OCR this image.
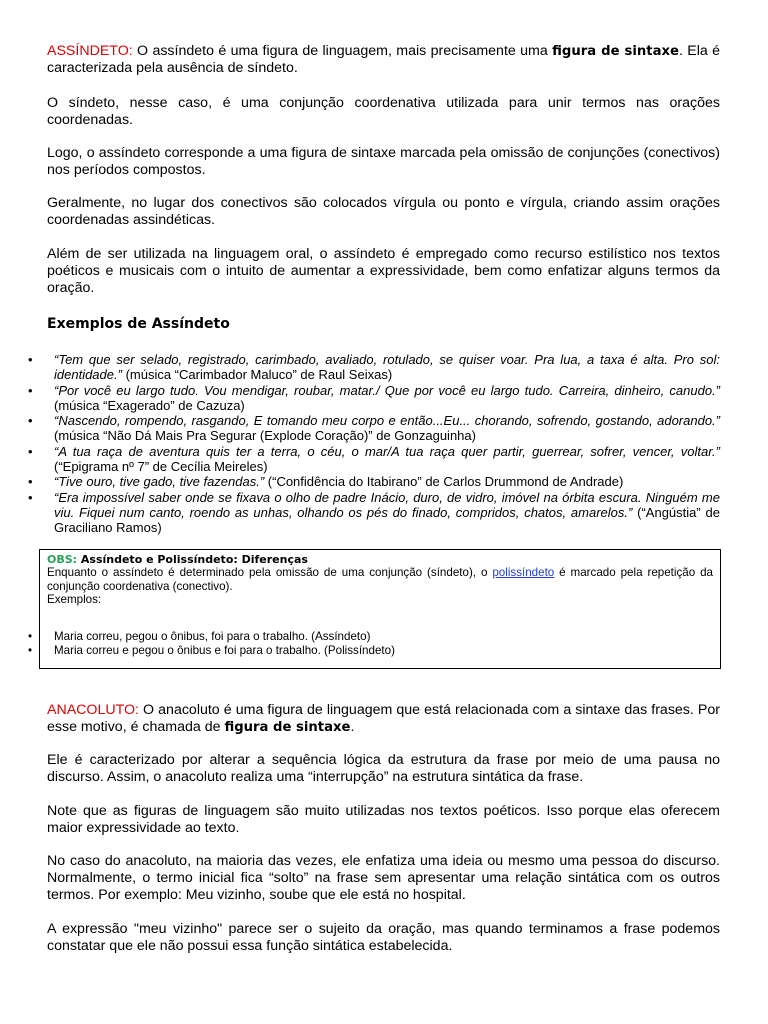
ASSÍNDETO: O assíndeto é uma figura de linguagem, mais precisamente uma figura de sintaxe. Ela é caracterizada pela ausência de síndeto.

O síndeto, nesse caso, é uma conjunção coordenativa utilizada para unir termos nas orações coordenadas.

Logo, o assíndeto corresponde a uma figura de sintaxe marcada pela omissão de conjunções (conectivos) nos períodos compostos.

Geralmente, no lugar dos conectivos são colocados vírgula ou ponto e vírgula, criando assim orações coordenadas assindéticas.

Além de ser utilizada na linguagem oral, o assíndeto é empregado como recurso estilístico nos textos poéticos e musicais com o intuito de aumentar a expressividade, bem como enfatizar alguns termos da oração.

Exemplos de Assíndeto
• “Tem que ser selado, registrado, carimbado, avaliado, rotulado, se quiser voar. Pra lua, a taxa é alta. Pro sol: identidade.” (música “Carimbador Maluco” de Raul Seixas)
• “Por você eu largo tudo. Vou mendigar, roubar, matar./ Que por você eu largo tudo. Carreira, dinheiro, canudo.” (música “Exagerado” de Cazuza)
• “Nascendo, rompendo, rasgando, E tomando meu corpo e então...Eu... chorando, sofrendo, gostando, adorando.” (música “Não Dá Mais Pra Segurar (Explode Coração)” de Gonzaguinha)
• “A tua raça de aventura quis ter a terra, o céu, o mar/A tua raça quer partir, guerrear, sofrer, vencer, voltar.” (“Epigrama nº 7” de Cecília Meireles)
• “Tive ouro, tive gado, tive fazendas.” (“Confidência do Itabirano” de Carlos Drummond de Andrade)
• “Era impossível saber onde se fixava o olho de padre Inácio, duro, de vidro, imóvel na órbita escura. Ninguém me viu. Fiquei num canto, roendo as unhas, olhando os pés do finado, compridos, chatos, amarelos.” (“Angústia” de Graciliano Ramos)

OBS: Assíndeto e Polissíndeto: Diferenças

Enquanto o assíndeto é determinado pela omissão de uma conjunção (síndeto), o polissíndeto é marcado pela repetição da conjunção coordenativa (conectivo).

Exemplos:

• Maria correu, pegou o ônibus, foi para o trabalho. (Assíndeto)
• Maria correu e pegou o ônibus e foi para o trabalho. (Polissíndeto)

ANACOLUTO: O anacoluto é uma figura de linguagem que está relacionada com a sintaxe das frases. Por esse motivo, é chamada de figura de sintaxe.

Ele é caracterizado por alterar a sequência lógica da estrutura da frase por meio de uma pausa no discurso. Assim, o anacoluto realiza uma “interrupção” na estrutura sintática da frase.

Note que as figuras de linguagem são muito utilizadas nos textos poéticos. Isso porque elas oferecem maior expressividade ao texto.

No caso do anacoluto, na maioria das vezes, ele enfatiza uma ideia ou mesmo uma pessoa do discurso. Normalmente, o termo inicial fica “solto” na frase sem apresentar uma relação sintática com os outros termos. Por exemplo: Meu vizinho, soube que ele está no hospital.

A expressão "meu vizinho" parece ser o sujeito da oração, mas quando terminamos a frase podemos constatar que ele não possui essa função sintática estabelecida.
